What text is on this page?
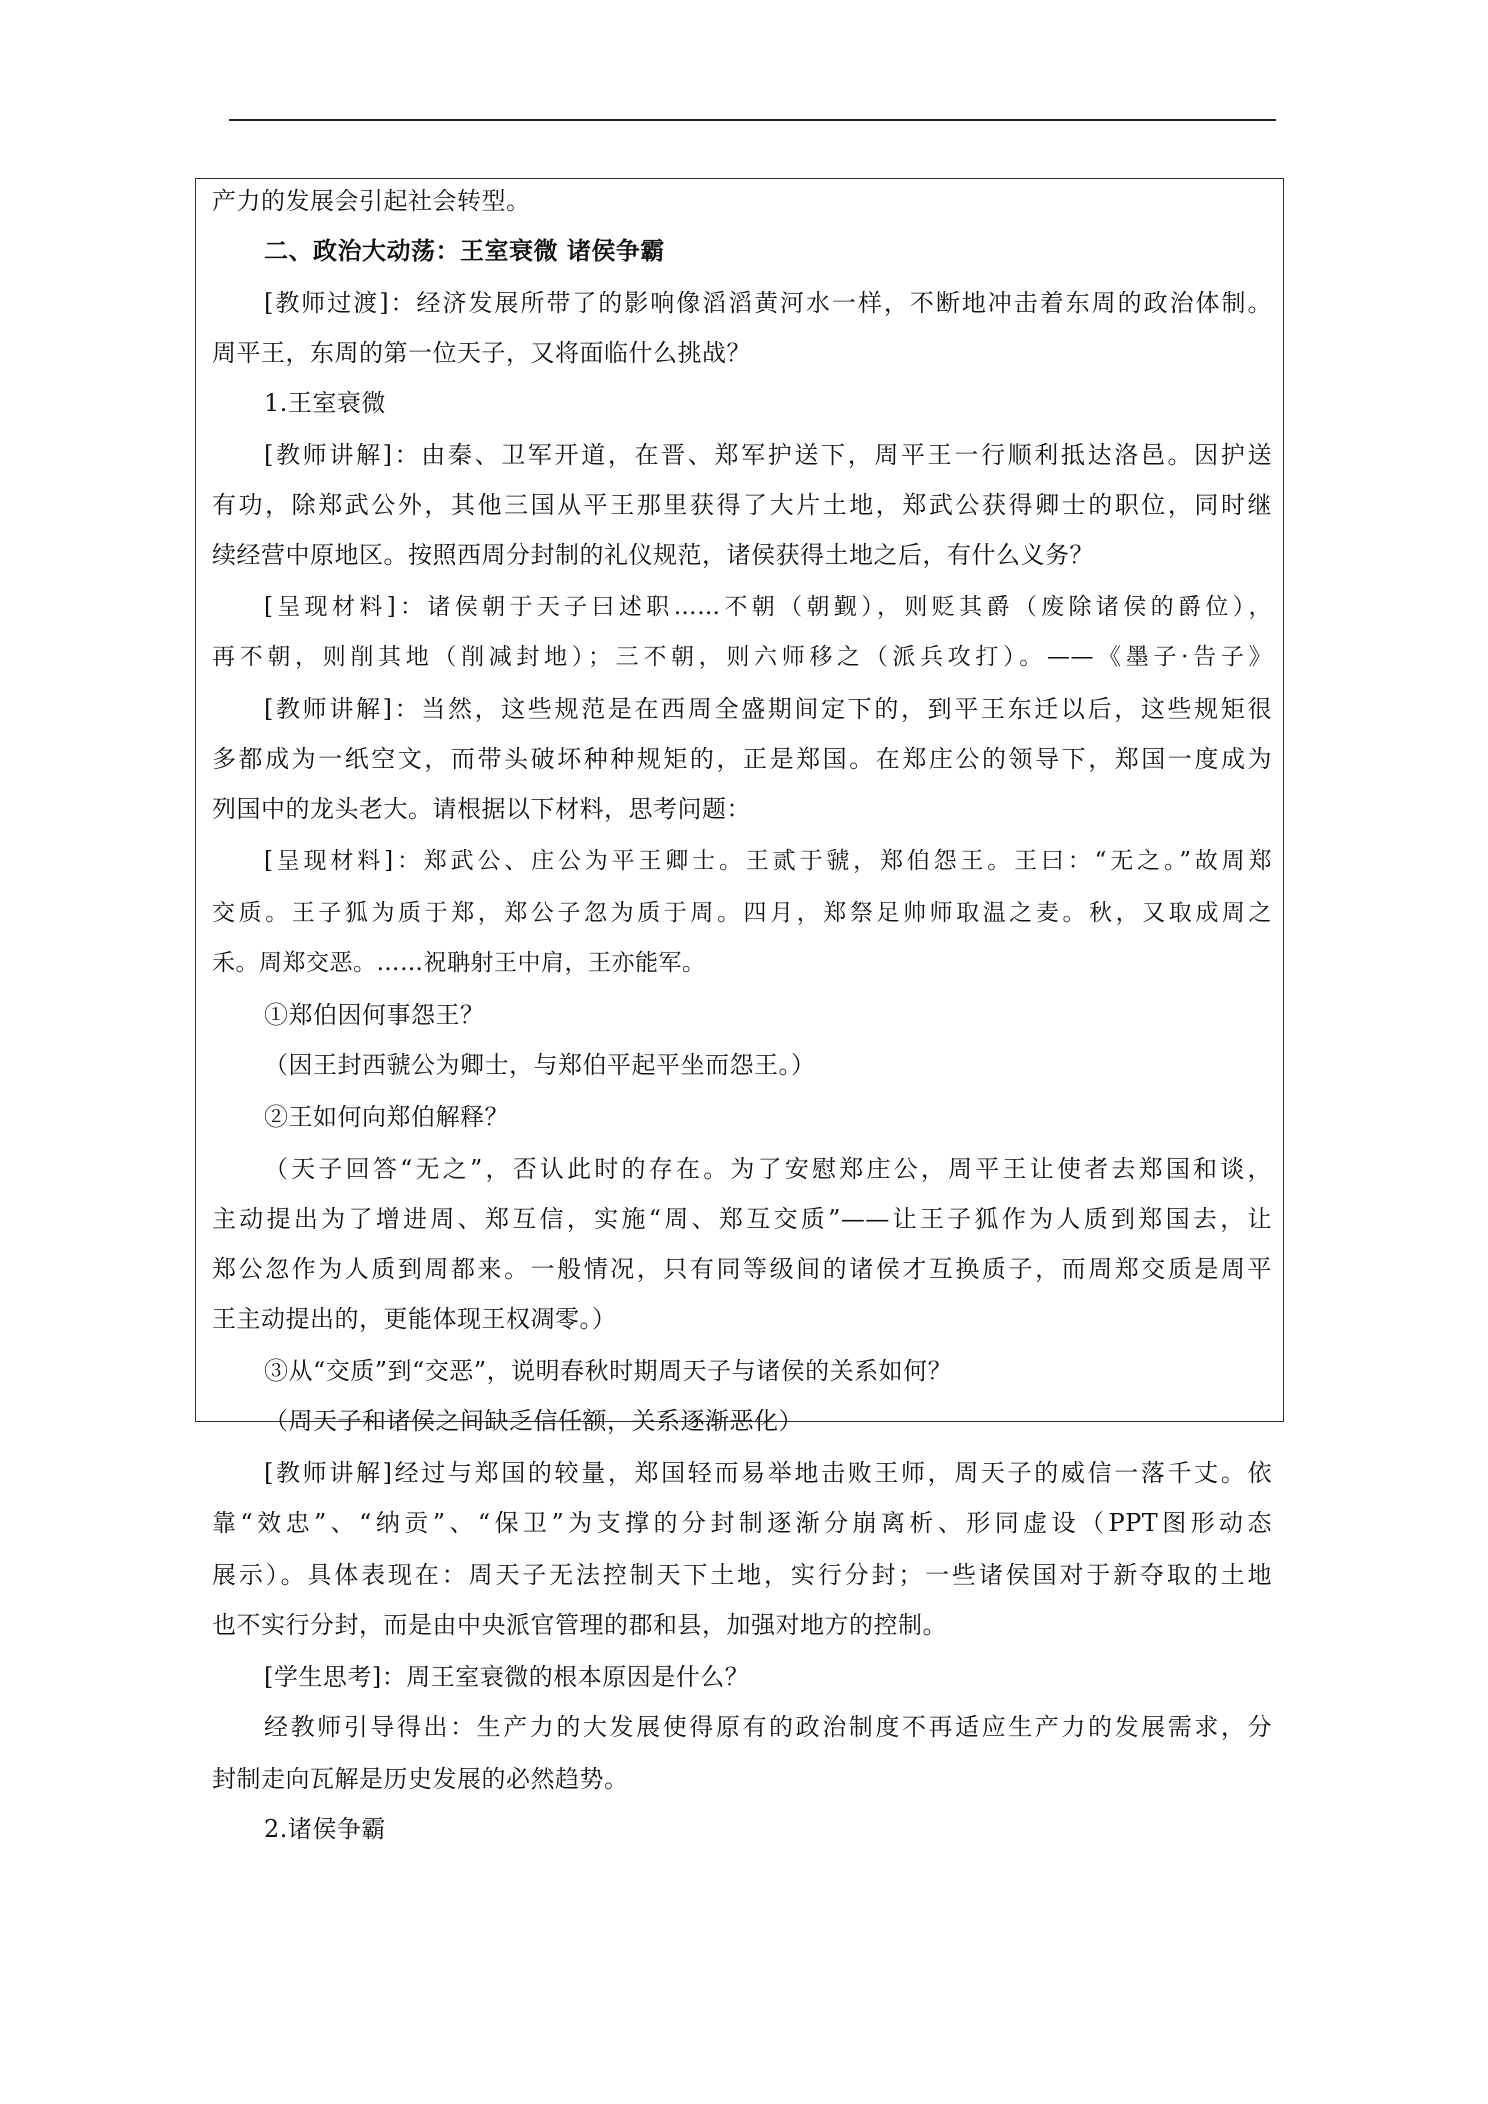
产力的发展会引起社会转型。
二、政治大动荡：王室衰微 诸侯争霸
[教师过渡]：经济发展所带了的影响像滔滔黄河水一样，不断地冲击着东周的政治体制。
周平王，东周的第一位天子，又将面临什么挑战？
1.王室衰微
[教师讲解]：由秦、卫军开道，在晋、郑军护送下，周平王一行顺利抵达洛邑。因护送
有功，除郑武公外，其他三国从平王那里获得了大片土地，郑武公获得卿士的职位，同时继
续经营中原地区。按照西周分封制的礼仪规范，诸侯获得土地之后，有什么义务？
[呈现材料]：诸侯朝于天子曰述职……不朝（朝觐），则贬其爵（废除诸侯的爵位），
再不朝，则削其地（削减封地）；三不朝，则六师移之（派兵攻打）。——《墨子·告子》
[教师讲解]：当然，这些规范是在西周全盛期间定下的，到平王东迁以后，这些规矩很
多都成为一纸空文，而带头破坏种种规矩的，正是郑国。在郑庄公的领导下，郑国一度成为
列国中的龙头老大。请根据以下材料，思考问题：
[呈现材料]：郑武公、庄公为平王卿士。王贰于虢，郑伯怨王。王曰：“无之。”故周郑
交质。王子狐为质于郑，郑公子忽为质于周。四月，郑祭足帅师取温之麦。秋，又取成周之
禾。周郑交恶。……祝聃射王中肩，王亦能军。
①郑伯因何事怨王？
（因王封西虢公为卿士，与郑伯平起平坐而怨王。）
②王如何向郑伯解释？
（天子回答“无之”，否认此时的存在。为了安慰郑庄公，周平王让使者去郑国和谈，
主动提出为了增进周、郑互信，实施“周、郑互交质”——让王子狐作为人质到郑国去，让
郑公忽作为人质到周都来。一般情况，只有同等级间的诸侯才互换质子，而周郑交质是周平
王主动提出的，更能体现王权凋零。）
③从“交质”到“交恶”，说明春秋时期周天子与诸侯的关系如何？
（周天子和诸侯之间缺乏信任额，关系逐渐恶化）
[教师讲解]经过与郑国的较量，郑国轻而易举地击败王师，周天子的威信一落千丈。依
靠“效忠”、“纳贡”、“保卫”为支撑的分封制逐渐分崩离析、形同虚设（PPT图形动态
展示）。具体表现在：周天子无法控制天下土地，实行分封；一些诸侯国对于新夺取的土地
也不实行分封，而是由中央派官管理的郡和县，加强对地方的控制。
[学生思考]：周王室衰微的根本原因是什么？
经教师引导得出：生产力的大发展使得原有的政治制度不再适应生产力的发展需求，分
封制走向瓦解是历史发展的必然趋势。
2.诸侯争霸
